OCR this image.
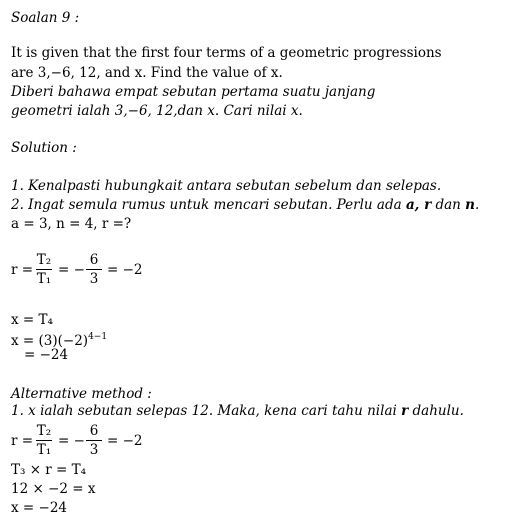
Soalan 9 :
It is given that the first four terms of a geometric progressions
are 3,−6, 12, and x. Find the value of x.
Diberi bahawa empat sebutan pertama suatu janjang
geometri ialah 3,−6, 12,dan x. Cari nilai x.
Solution :
1. Kenalpasti hubungkait antara sebutan sebelum dan selepas.
2. Ingat semula rumus untuk mencari sebutan. Perlu ada a, r dan n.
a = 3, n = 4, r =?
$r = \frac{\text{T₂}}{\text{T₁}}$ = − $\frac{6}{3} = -2$
x = T₄
$x = (3)(-2)^{4-1}$
= −24
Alternative method :
1. x ialah sebutan selepas 12. Maka, kena cari tahu nilai r dahulu.
$r = \frac{\text{T₂}}{\text{T₁}}$ = − $\frac{6}{3} = -2$
T₃ × r = T₄
12 × −2 = x
x = −24
